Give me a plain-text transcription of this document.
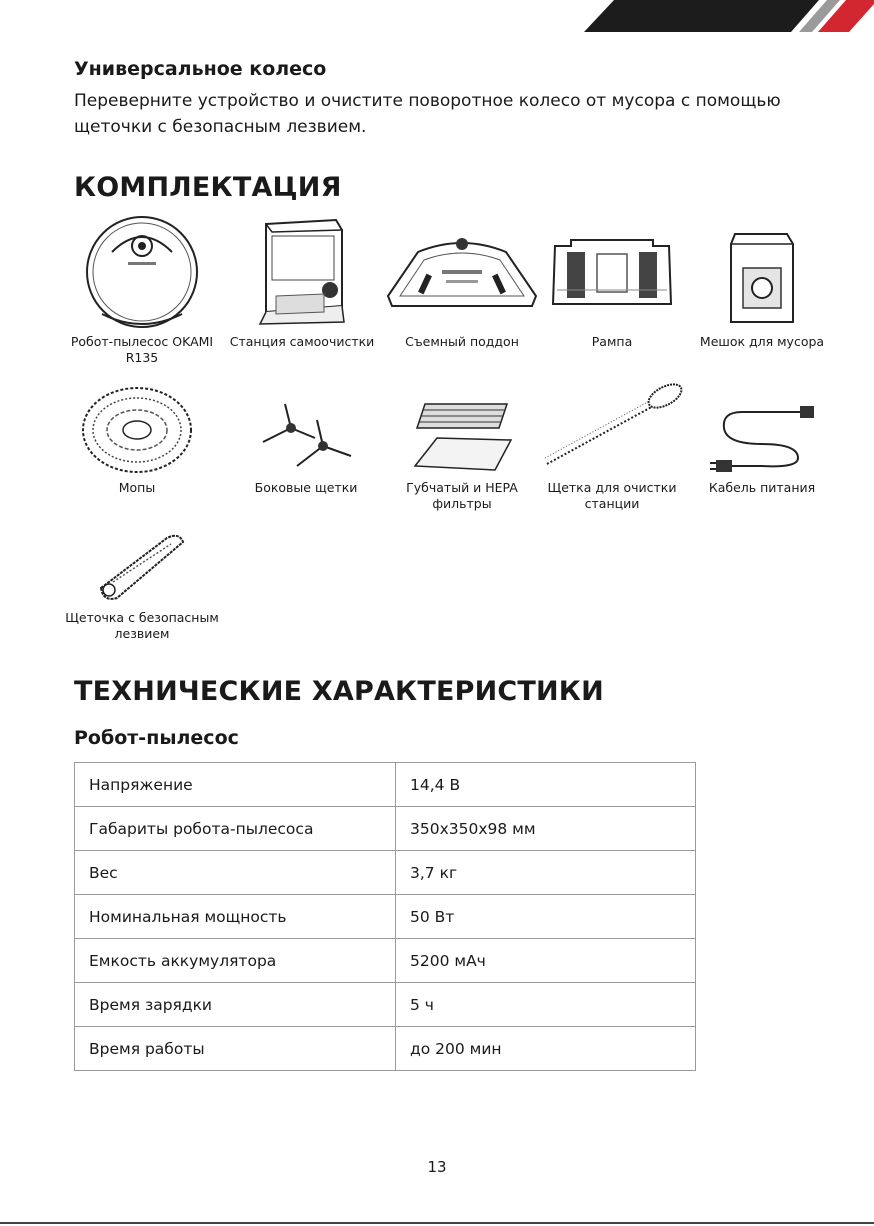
Универсальное колесо

Переверните устройство и очистите поворотное колесо от мусора с помощью щеточки с безопасным лезвием.

КОМПЛЕКТАЦИЯ
Робот-пылесос OKAMI R135
Станция самоочистки	Съемный поддон	Рампа	Мешок для мусора
Мопы	Боковые щетки	Губчатый и HEPA фильтры
Щетка для очистки станции
Кабель питания
Щеточка с безопасным лезвием
ТЕХНИЧЕСКИЕ ХАРАКТЕРИСТИКИ
Робот-пылесос
Напряжение	14,4 В
Габариты робота-пылесоса	350x350x98 мм
Вес	3,7 кг
Номинальная мощность	50 Вт
Емкость аккумулятора	5200 мАч
Время зарядки	5 ч
Время работы	до 200 мин
13
